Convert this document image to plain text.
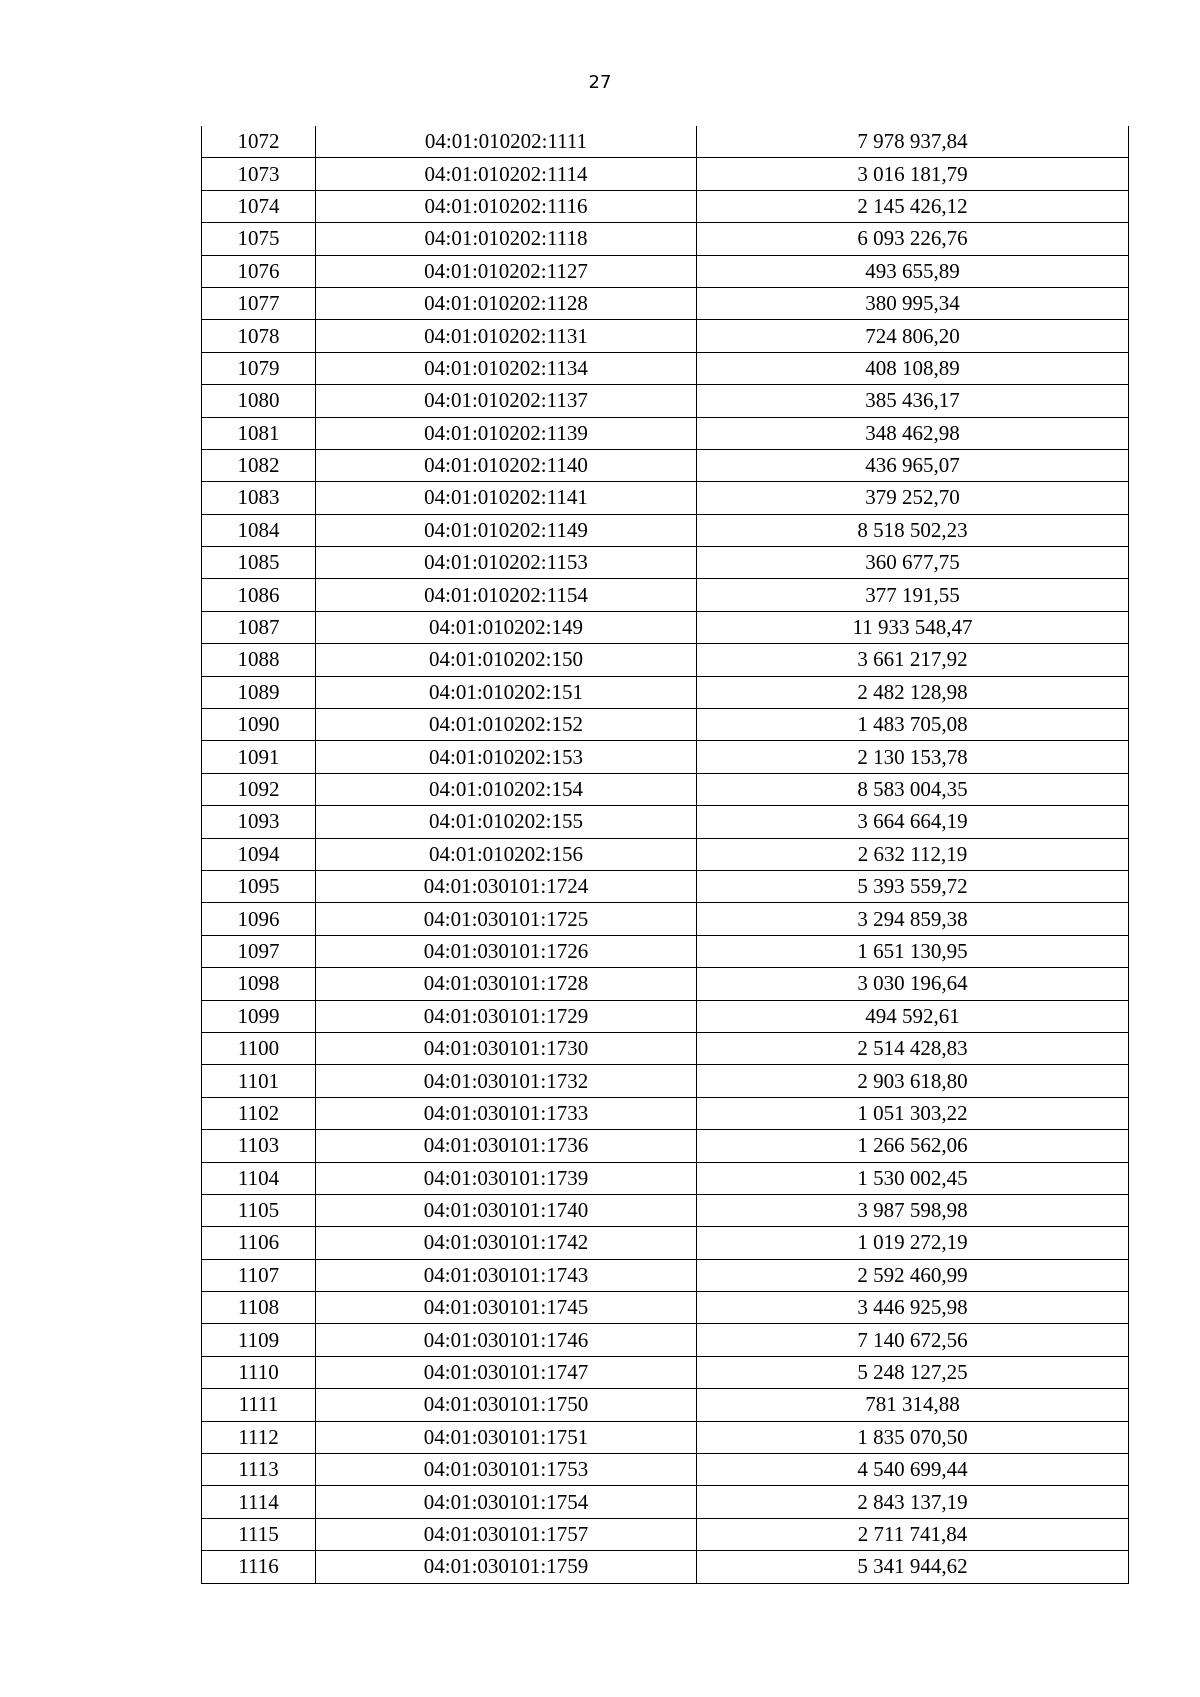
27
1072	04:01:010202:1111	7 978 937,84
1073	04:01:010202:1114	3 016 181,79
1074	04:01:010202:1116	2 145 426,12
1075	04:01:010202:1118	6 093 226,76
1076	04:01:010202:1127	493 655,89
1077	04:01:010202:1128	380 995,34
1078	04:01:010202:1131	724 806,20
1079	04:01:010202:1134	408 108,89
1080	04:01:010202:1137	385 436,17
1081	04:01:010202:1139	348 462,98
1082	04:01:010202:1140	436 965,07
1083	04:01:010202:1141	379 252,70
1084	04:01:010202:1149	8 518 502,23
1085	04:01:010202:1153	360 677,75
1086	04:01:010202:1154	377 191,55
1087	04:01:010202:149	11 933 548,47
1088	04:01:010202:150	3 661 217,92
1089	04:01:010202:151	2 482 128,98
1090	04:01:010202:152	1 483 705,08
1091	04:01:010202:153	2 130 153,78
1092	04:01:010202:154	8 583 004,35
1093	04:01:010202:155	3 664 664,19
1094	04:01:010202:156	2 632 112,19
1095	04:01:030101:1724	5 393 559,72
1096	04:01:030101:1725	3 294 859,38
1097	04:01:030101:1726	1 651 130,95
1098	04:01:030101:1728	3 030 196,64
1099	04:01:030101:1729	494 592,61
1100	04:01:030101:1730	2 514 428,83
1101	04:01:030101:1732	2 903 618,80
1102	04:01:030101:1733	1 051 303,22
1103	04:01:030101:1736	1 266 562,06
1104	04:01:030101:1739	1 530 002,45
1105	04:01:030101:1740	3 987 598,98
1106	04:01:030101:1742	1 019 272,19
1107	04:01:030101:1743	2 592 460,99
1108	04:01:030101:1745	3 446 925,98
1109	04:01:030101:1746	7 140 672,56
1110	04:01:030101:1747	5 248 127,25
1111	04:01:030101:1750	781 314,88
1112	04:01:030101:1751	1 835 070,50
1113	04:01:030101:1753	4 540 699,44
1114	04:01:030101:1754	2 843 137,19
1115	04:01:030101:1757	2 711 741,84
1116	04:01:030101:1759	5 341 944,62
